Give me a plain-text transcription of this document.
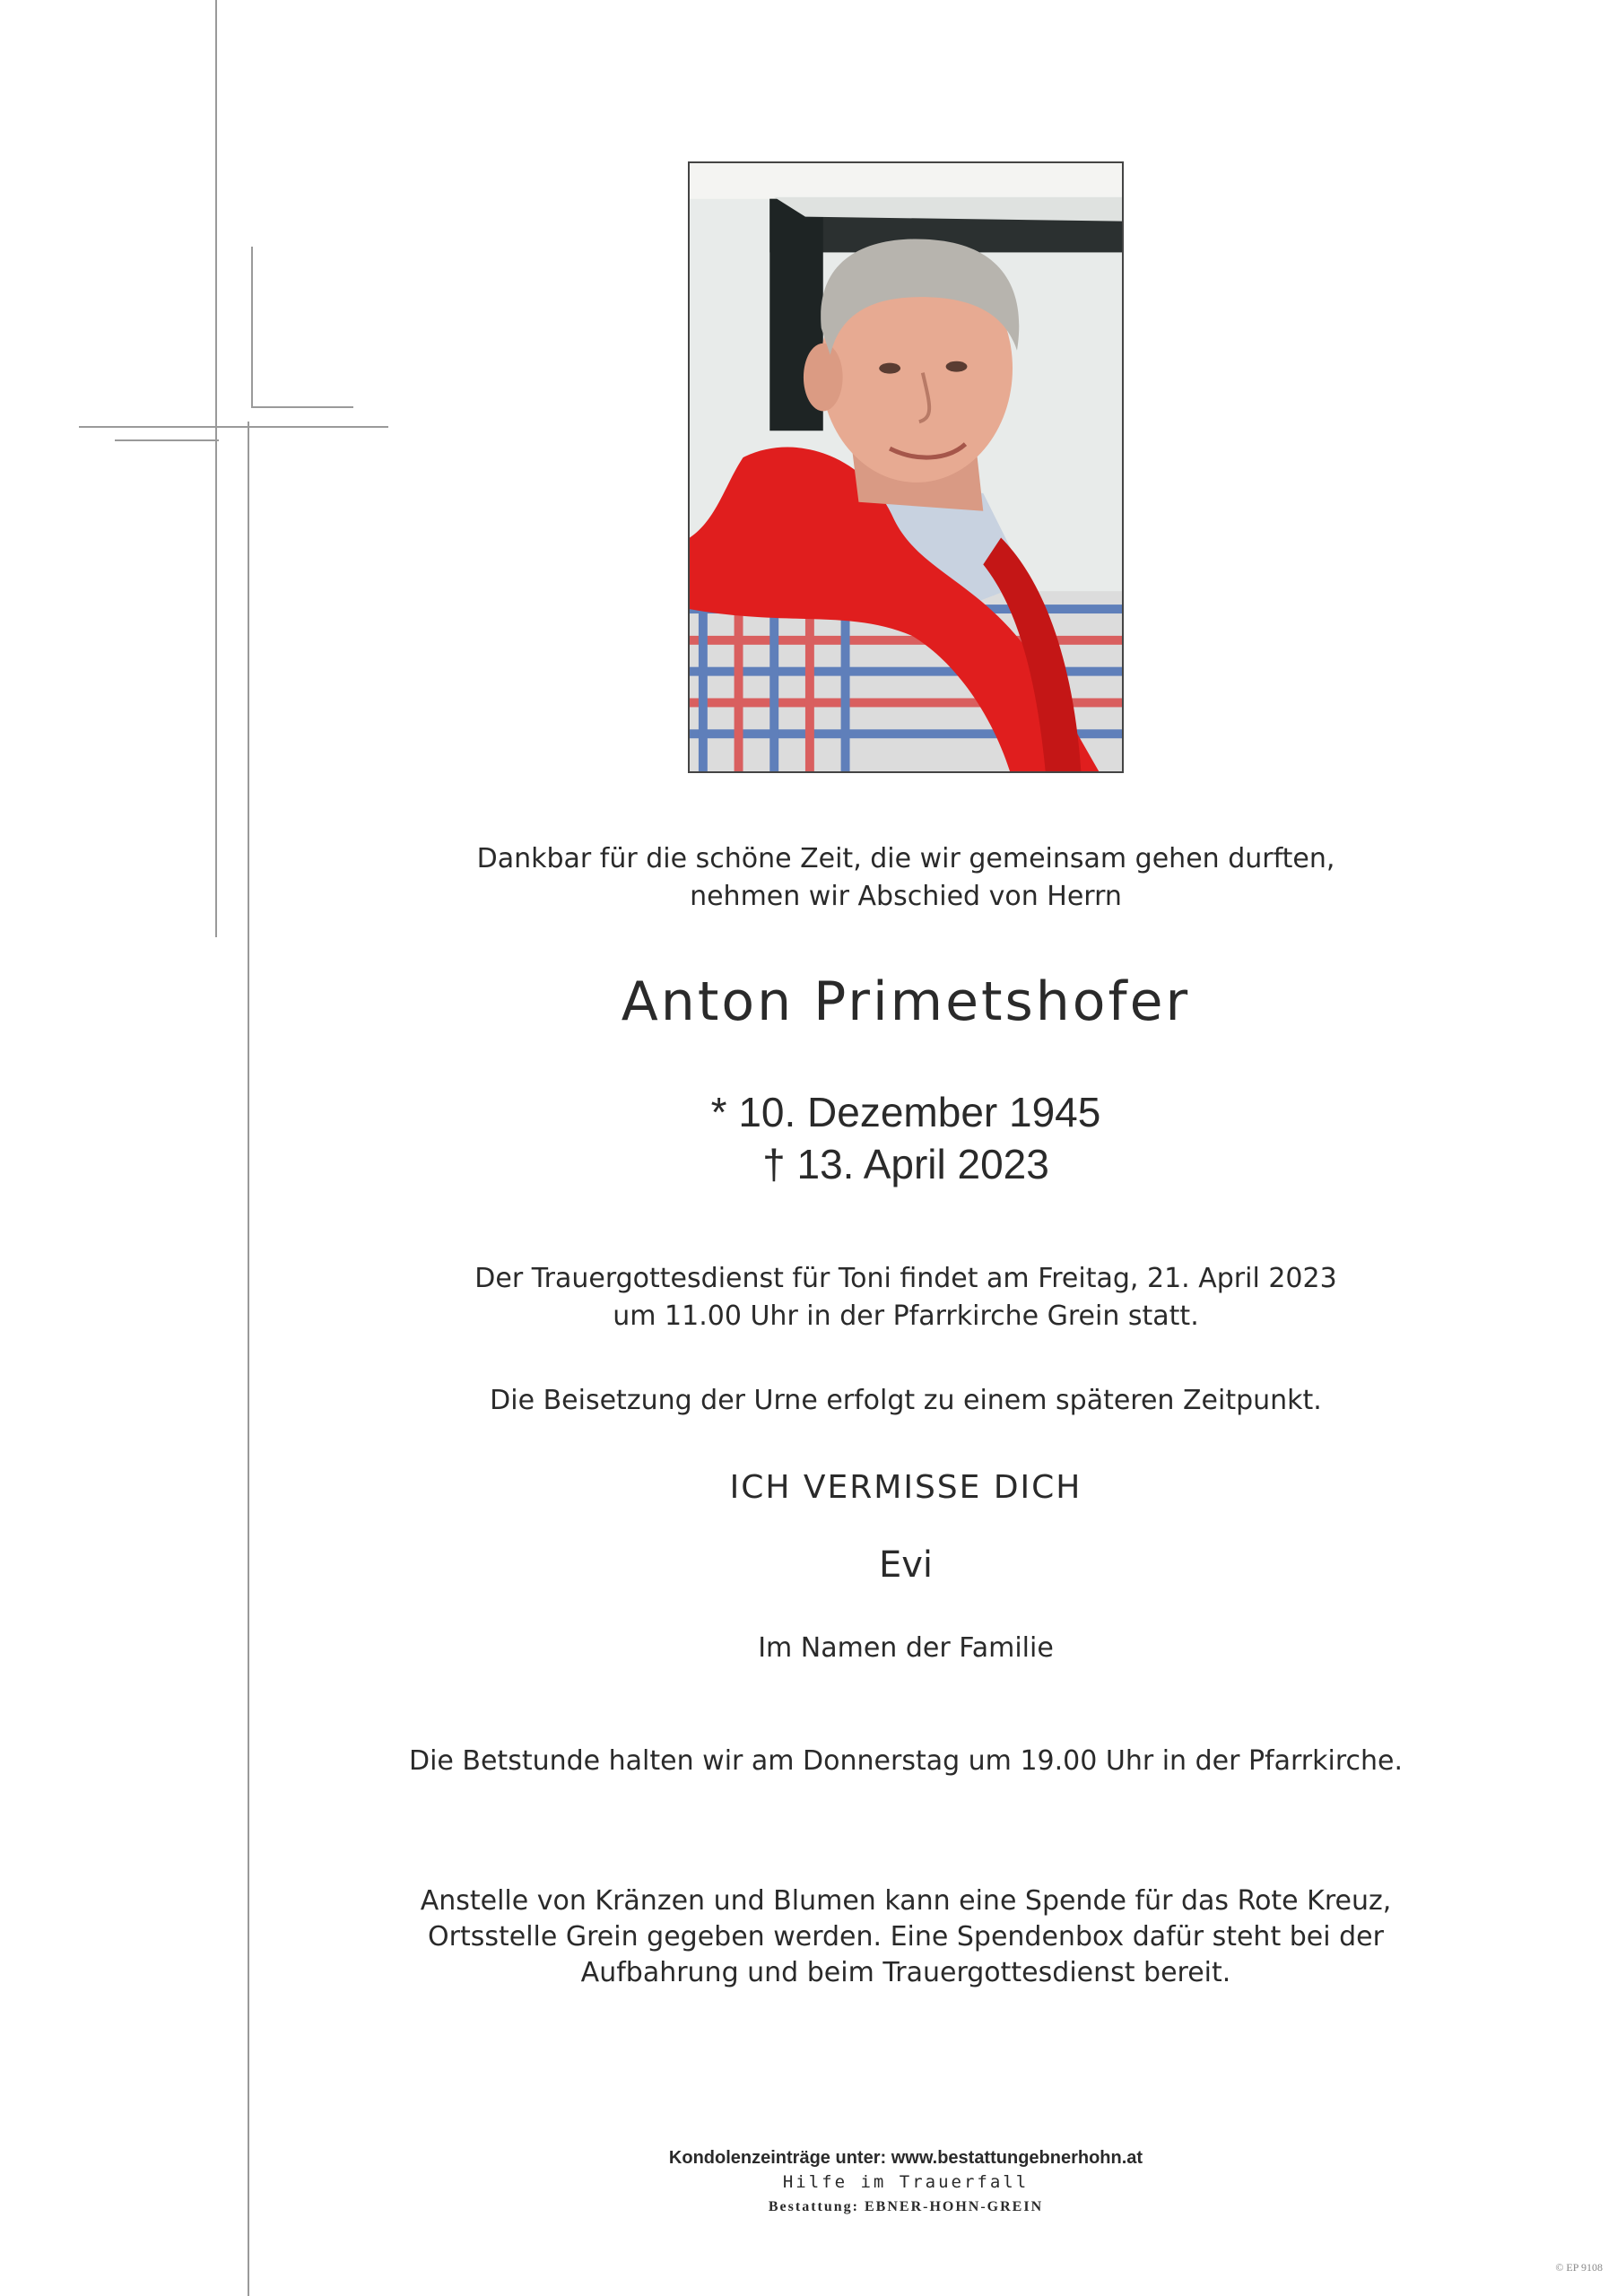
Dankbar für die schöne Zeit, die wir gemeinsam gehen durften,
nehmen wir Abschied von Herrn
Anton Primetshofer
* 10. Dezember 1945
† 13. April 2023
Der Trauergottesdienst für Toni findet am Freitag, 21. April 2023
um 11.00 Uhr in der Pfarrkirche Grein statt.
Die Beisetzung der Urne erfolgt zu einem späteren Zeitpunkt.
ICH VERMISSE DICH
Evi
Im Namen der Familie
Die Betstunde halten wir am Donnerstag um 19.00 Uhr in der Pfarrkirche.
Anstelle von Kränzen und Blumen kann eine Spende für das Rote Kreuz,
Ortsstelle Grein gegeben werden. Eine Spendenbox dafür steht bei der
Aufbahrung und beim Trauergottesdienst bereit.
Kondolenzeinträge unter: www.bestattungebnerhohn.at
Hilfe im Trauerfall
Bestattung: EBNER-HOHN-GREIN
© EP 9108
